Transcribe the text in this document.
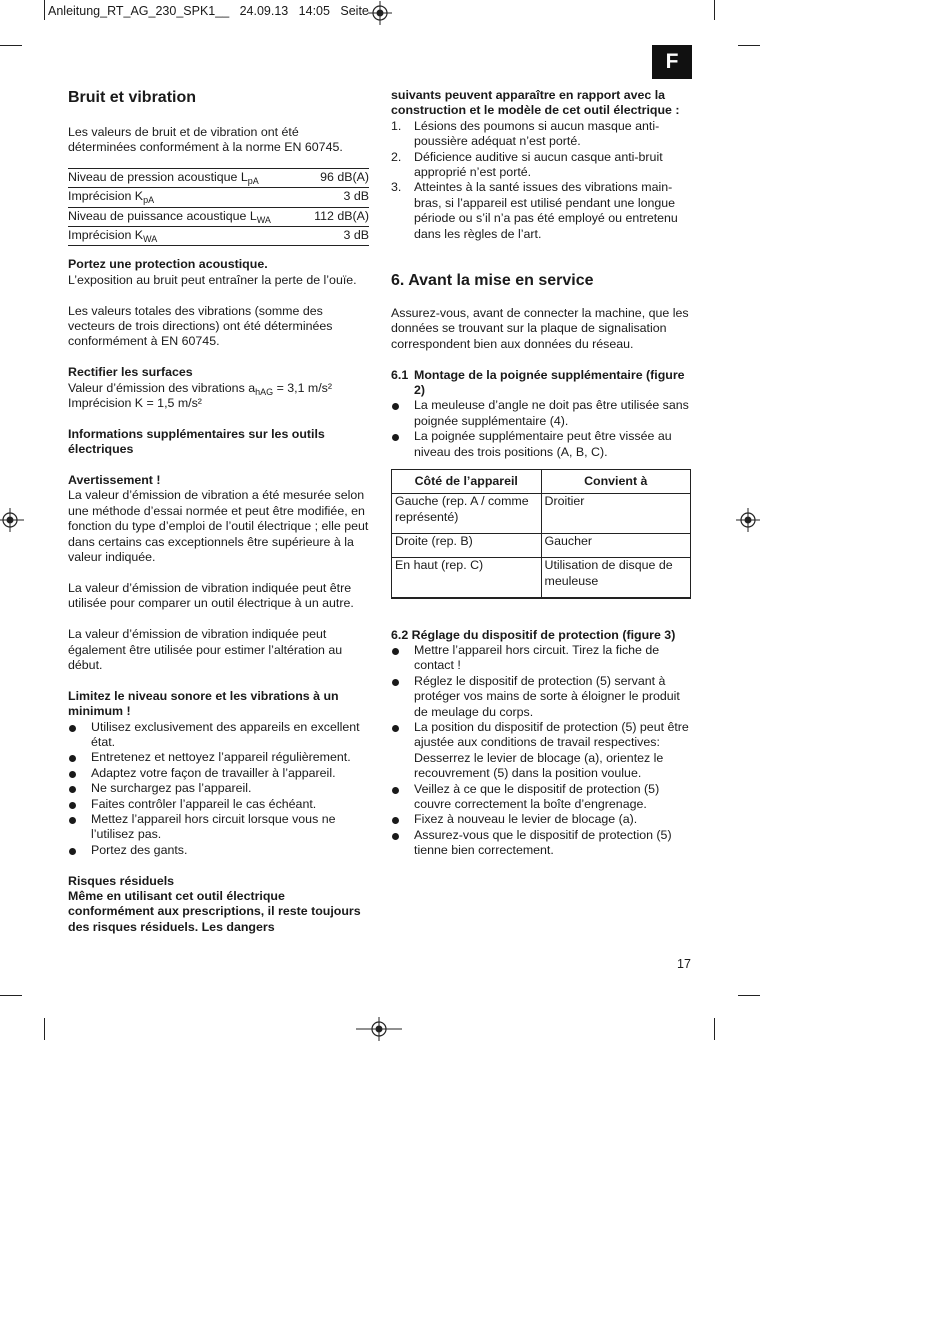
Anleitung_RT_AG_230_SPK1__ 24.09.13 14:05 Seite
F
Bruit et vibration

Les valeurs de bruit et de vibration ont été déterminées conformément à la norme EN 60745.

Niveau de pression acoustique $L_{pA}$	96 dB(A)
Imprécision $K_{pA}$	3 dB
Niveau de puissance acoustique $L_{WA}$	112 dB(A)
Imprécision $K_{WA}$	3 dB

Portez une protection acoustique.

L’exposition au bruit peut entraîner la perte de l’ouïe.

Les valeurs totales des vibrations (somme des vecteurs de trois directions) ont été déterminées conformément à EN 60745.

Rectifier les surfaces

Valeur d’émission des vibrations $a_{hAG} = 3,1$ m/s²

Imprécision K = 1,5 m/s²

Informations supplémentaires sur les outils électriques

Avertissement !

La valeur d’émission de vibration a été mesurée selon une méthode d’essai normée et peut être modifiée, en fonction du type d’emploi de l’outil électrique ; elle peut dans certains cas exceptionnels être supérieure à la valeur indiquée.

La valeur d’émission de vibration indiquée peut être utilisée pour comparer un outil électrique à un autre.

La valeur d’émission de vibration indiquée peut également être utilisée pour estimer l’altération au début.

Limitez le niveau sonore et les vibrations à un minimum !

Utilisez exclusivement des appareils en excellent état.
Entretenez et nettoyez l’appareil régulièrement.
Adaptez votre façon de travailler à l’appareil.
Ne surchargez pas l’appareil.
Faites contrôler l’appareil le cas échéant.
Mettez l’appareil hors circuit lorsque vous ne l’utilisez pas.
Portez des gants.

Risques résiduels

Même en utilisant cet outil électrique conformément aux prescriptions, il reste toujours des risques résiduels. Les dangers

suivants peuvent apparaître en rapport avec la construction et le modèle de cet outil électrique :

1.	Lésions des poumons si aucun masque anti-poussière adéquat n’est porté.
2.	Déficience auditive si aucun casque anti-bruit approprié n’est porté.
3.	Atteintes à la santé issues des vibrations main-bras, si l’appareil est utilisé pendant une longue période ou s’il n’a pas été employé ou entretenu dans les règles de l’art.
6. Avant la mise en service

Assurez-vous, avant de connecter la machine, que les données se trouvant sur la plaque de signalisation correspondent bien aux données du réseau.

6.1 Montage de la poignée supplémentaire (figure 2)

La meuleuse d’angle ne doit pas être utilisée sans poignée supplémentaire (4).
La poignée supplémentaire peut être vissée au niveau des trois positions (A, B, C).
Côté de l’appareil	Convient à
Gauche (rep. A / comme représenté)	Droitier
Droite (rep. B)	Gaucher
En haut (rep. C)	Utilisation de disque de meuleuse

6.2 Réglage du dispositif de protection (figure 3)

Mettre l’appareil hors circuit. Tirez la fiche de contact !
Réglez le dispositif de protection (5) servant à protéger vos mains de sorte à éloigner le produit de meulage du corps.
La position du dispositif de protection (5) peut être ajustée aux conditions de travail respectives: Desserrez le levier de blocage (a), orientez le recouvrement (5) dans la position voulue.
Veillez à ce que le dispositif de protection (5) couvre correctement la boîte d’engrenage.
Fixez à nouveau le levier de blocage (a).
Assurez-vous que le dispositif de protection (5) tienne bien correctement.
17
